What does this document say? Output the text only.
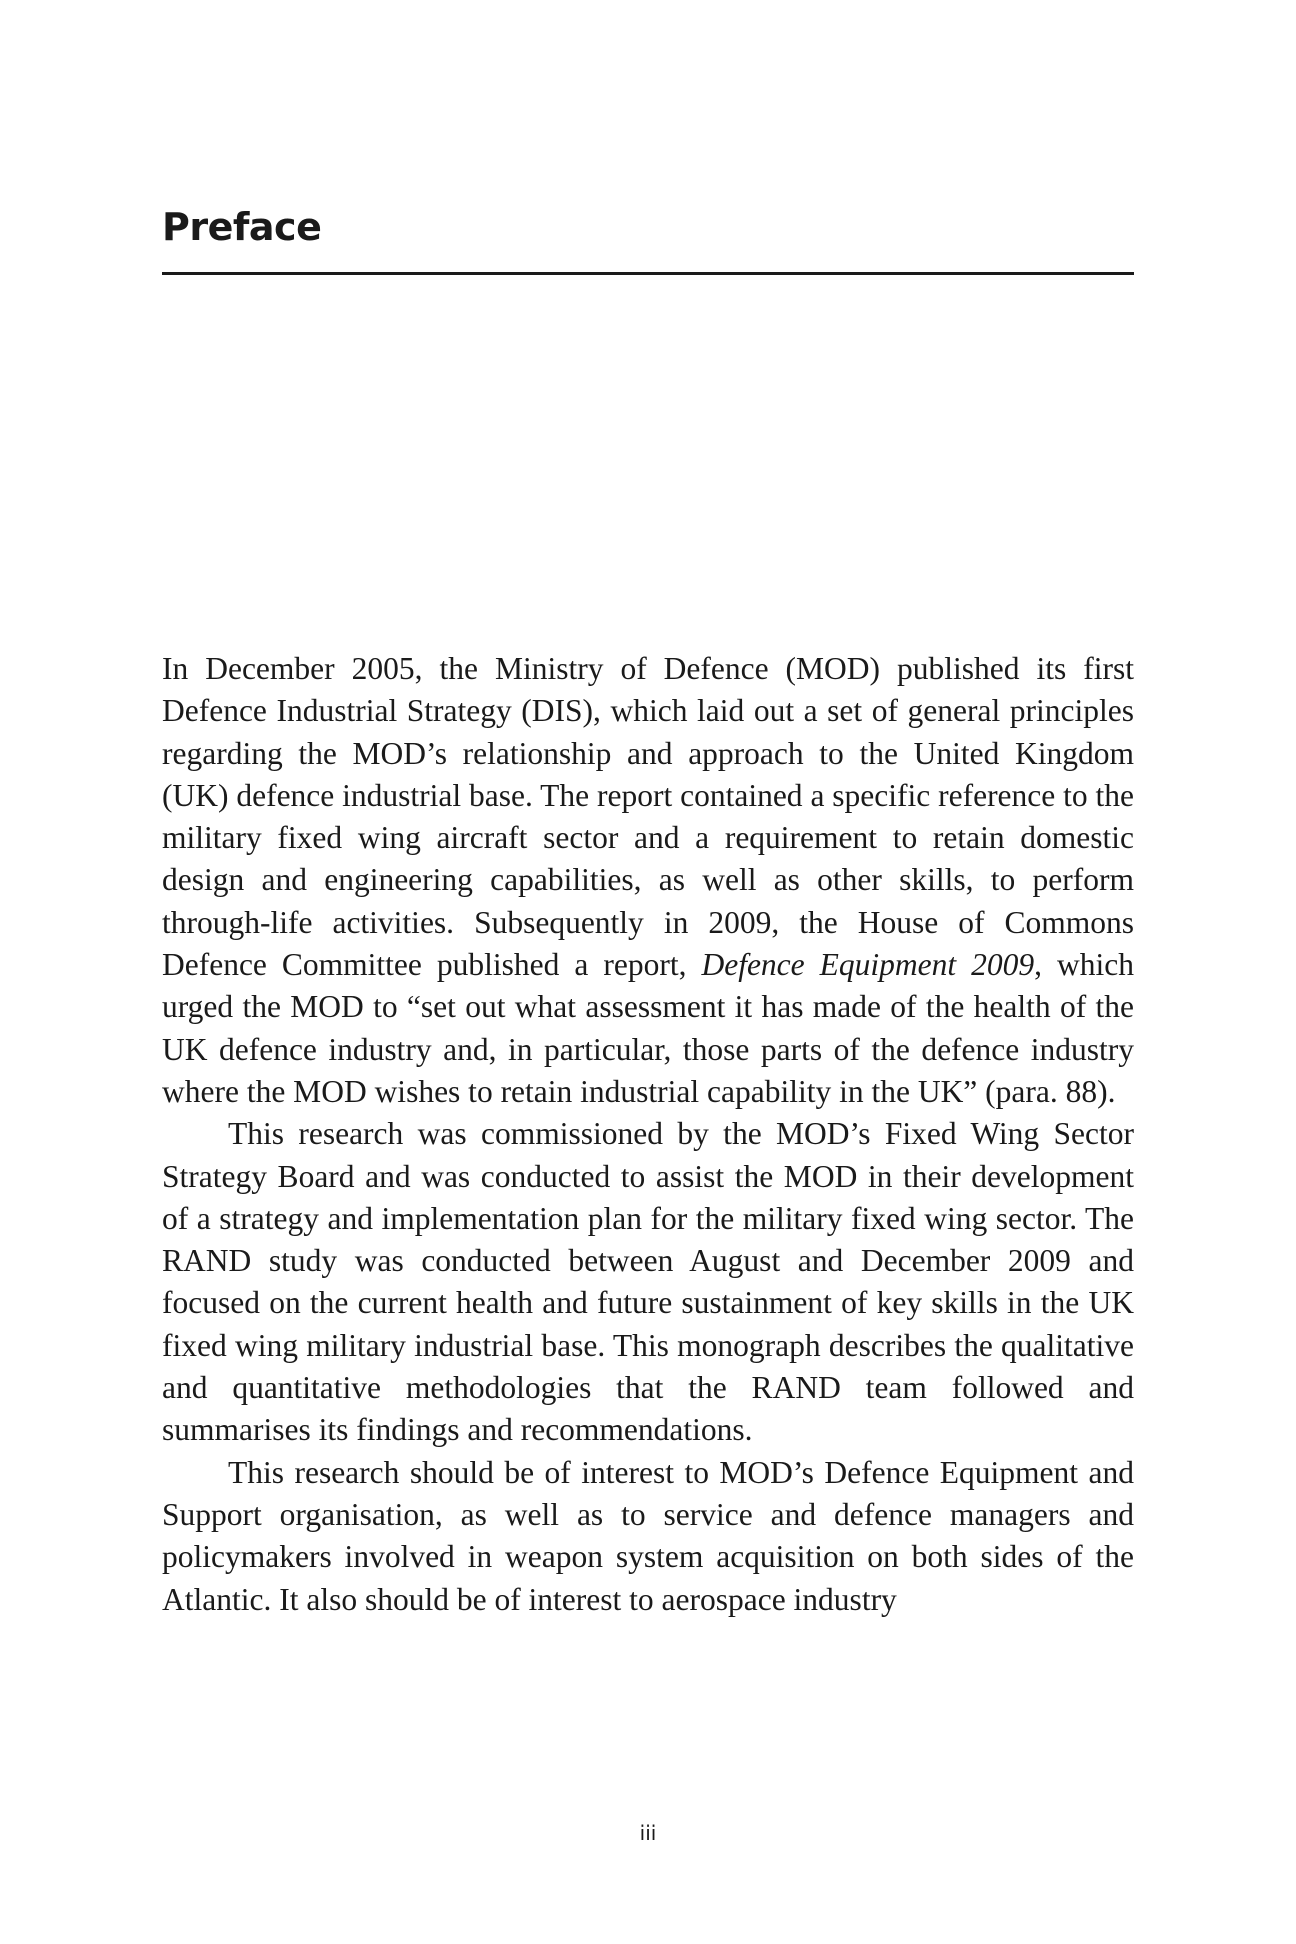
Preface

In December 2005, the Ministry of Defence (MOD) published its first Defence Industrial Strategy (DIS), which laid out a set of general principles regarding the MOD’s relationship and approach to the United Kingdom (UK) defence industrial base. The report contained a specific reference to the military fixed wing aircraft sector and a requirement to retain domestic design and engineering capabilities, as well as other skills, to perform through-life activities. Subsequently in 2009, the House of Commons Defence Committee published a report, Defence Equipment 2009, which urged the MOD to “set out what assessment it has made of the health of the UK defence industry and, in particular, those parts of the defence industry where the MOD wishes to retain industrial capability in the UK” (para. 88).

This research was commissioned by the MOD’s Fixed Wing Sector Strategy Board and was conducted to assist the MOD in their development of a strategy and implementation plan for the military fixed wing sector. The RAND study was conducted between August and December 2009 and focused on the current health and future sustainment of key skills in the UK fixed wing military industrial base. This monograph describes the qualitative and quantitative methodologies that the RAND team followed and summarises its findings and recommendations.

This research should be of interest to MOD’s Defence Equipment and Support organisation, as well as to service and defence managers and policymakers involved in weapon system acquisition on both sides of the Atlantic. It also should be of interest to aerospace industry

iii
